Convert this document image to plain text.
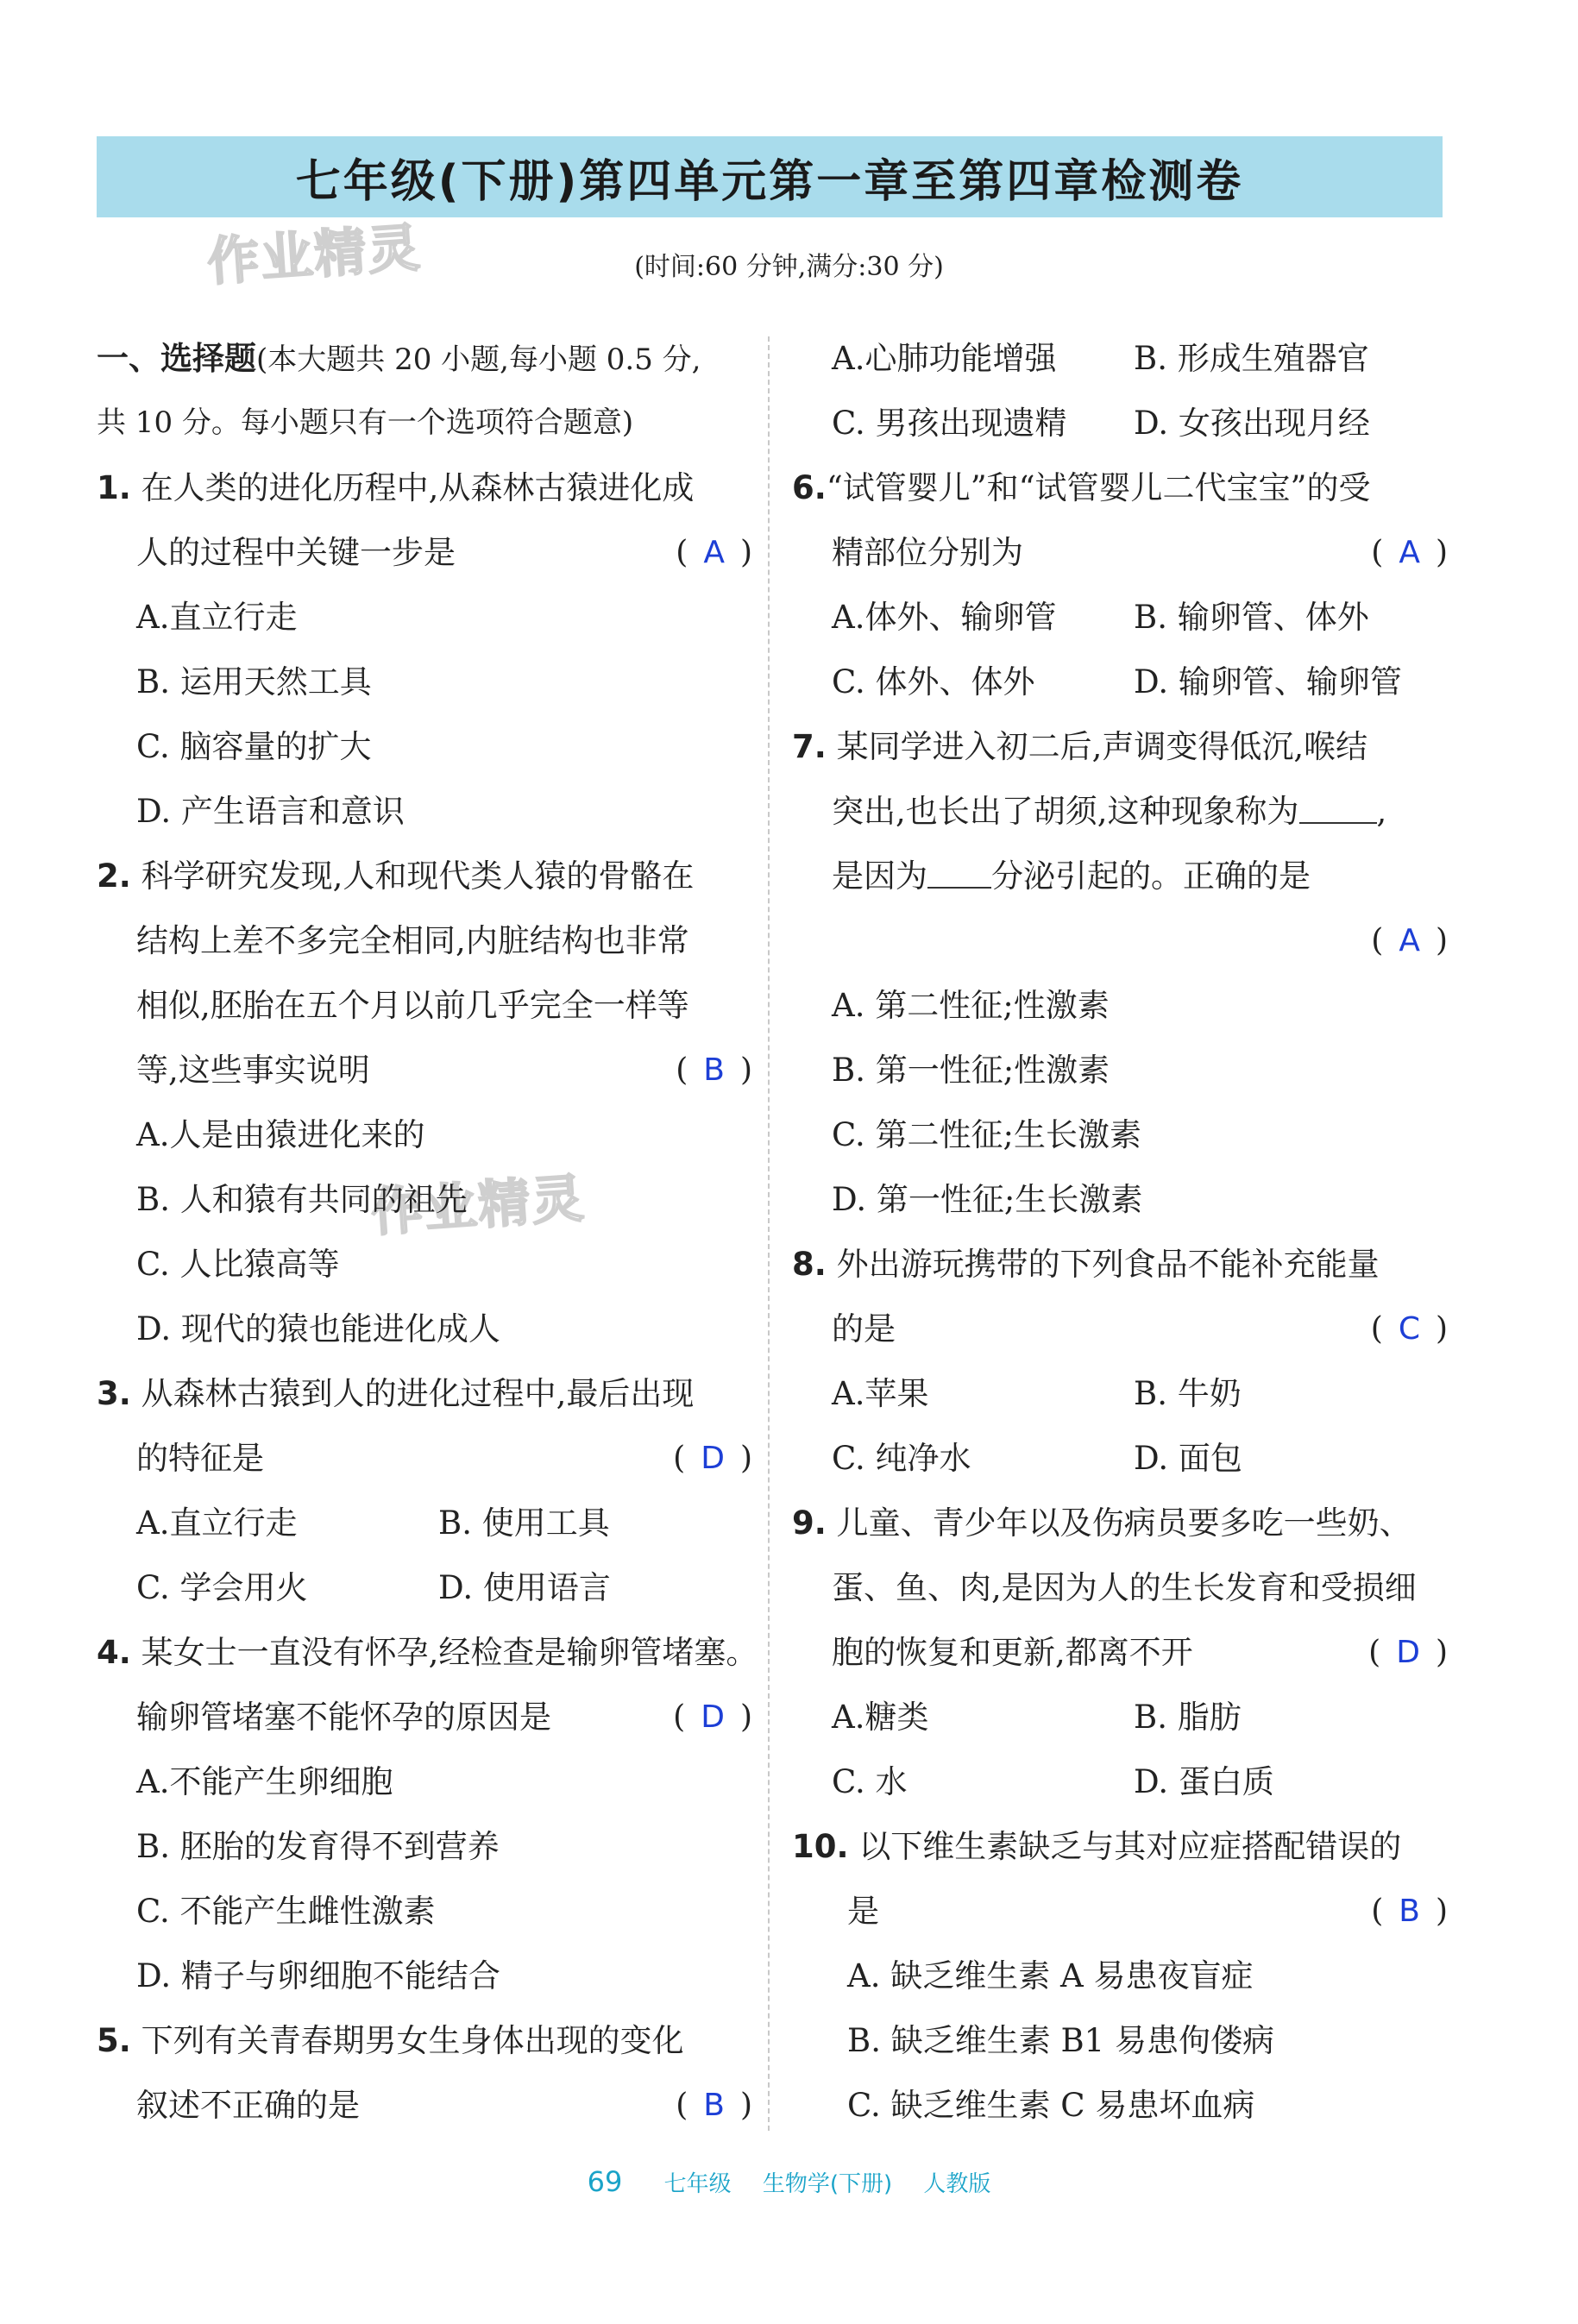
七年级(下册)第四单元第一章至第四章检测卷
作业精灵
作业精灵
(时间:60 分钟,满分:30 分)
一、选择题(本大题共 20 小题,每小题 0.5 分,
共 10 分。每小题只有一个选项符合题意)
1. 在人类的进化历程中,从森林古猿进化成
人的过程中关键一步是	( A )
A.直立行走
B. 运用天然工具
C. 脑容量的扩大
D. 产生语言和意识
2. 科学研究发现,人和现代类人猿的骨骼在
结构上差不多完全相同,内脏结构也非常
相似,胚胎在五个月以前几乎完全一样等
等,这些事实说明	( B )
A.人是由猿进化来的
B. 人和猿有共同的祖先
C. 人比猿高等
D. 现代的猿也能进化成人
3. 从森林古猿到人的进化过程中,最后出现
的特征是	( D )
A.直立行走	B. 使用工具
C. 学会用火	D. 使用语言
4. 某女士一直没有怀孕,经检查是输卵管堵塞。
输卵管堵塞不能怀孕的原因是	( D )
A.不能产生卵细胞
B. 胚胎的发育得不到营养
C. 不能产生雌性激素
D. 精子与卵细胞不能结合
5. 下列有关青春期男女生身体出现的变化
叙述不正确的是	( B )
A.心肺功能增强 B. 形成生殖器官
C. 男孩出现遗精 D. 女孩出现月经
6.“试管婴儿”和“试管婴儿二代宝宝”的受
精部位分别为	( A )
A.体外、输卵管 B. 输卵管、体外
C. 体外、体外	D. 输卵管、输卵管
7. 某同学进入初二后,声调变得低沉,喉结
突出,也长出了胡须,这种现象称为 ,
是因为 分泌引起的。正确的是
( A )
A. 第二性征;性激素
B. 第一性征;性激素
C. 第二性征;生长激素
D. 第一性征;生长激素
8. 外出游玩携带的下列食品不能补充能量
的是	( C )
A.苹果	B. 牛奶
C. 纯净水	D. 面包
9. 儿童、青少年以及伤病员要多吃一些奶、
蛋、鱼、肉,是因为人的生长发育和受损细
胞的恢复和更新,都离不开	( D )
A.糖类	B. 脂肪
C. 水	D. 蛋白质
10. 以下维生素缺乏与其对应症搭配错误的
是	( B )
A. 缺乏维生素 A 易患夜盲症
B. 缺乏维生素 B1 易患佝偻病
C. 缺乏维生素 C 易患坏血病
69 七年级 生物学(下册) 人教版
